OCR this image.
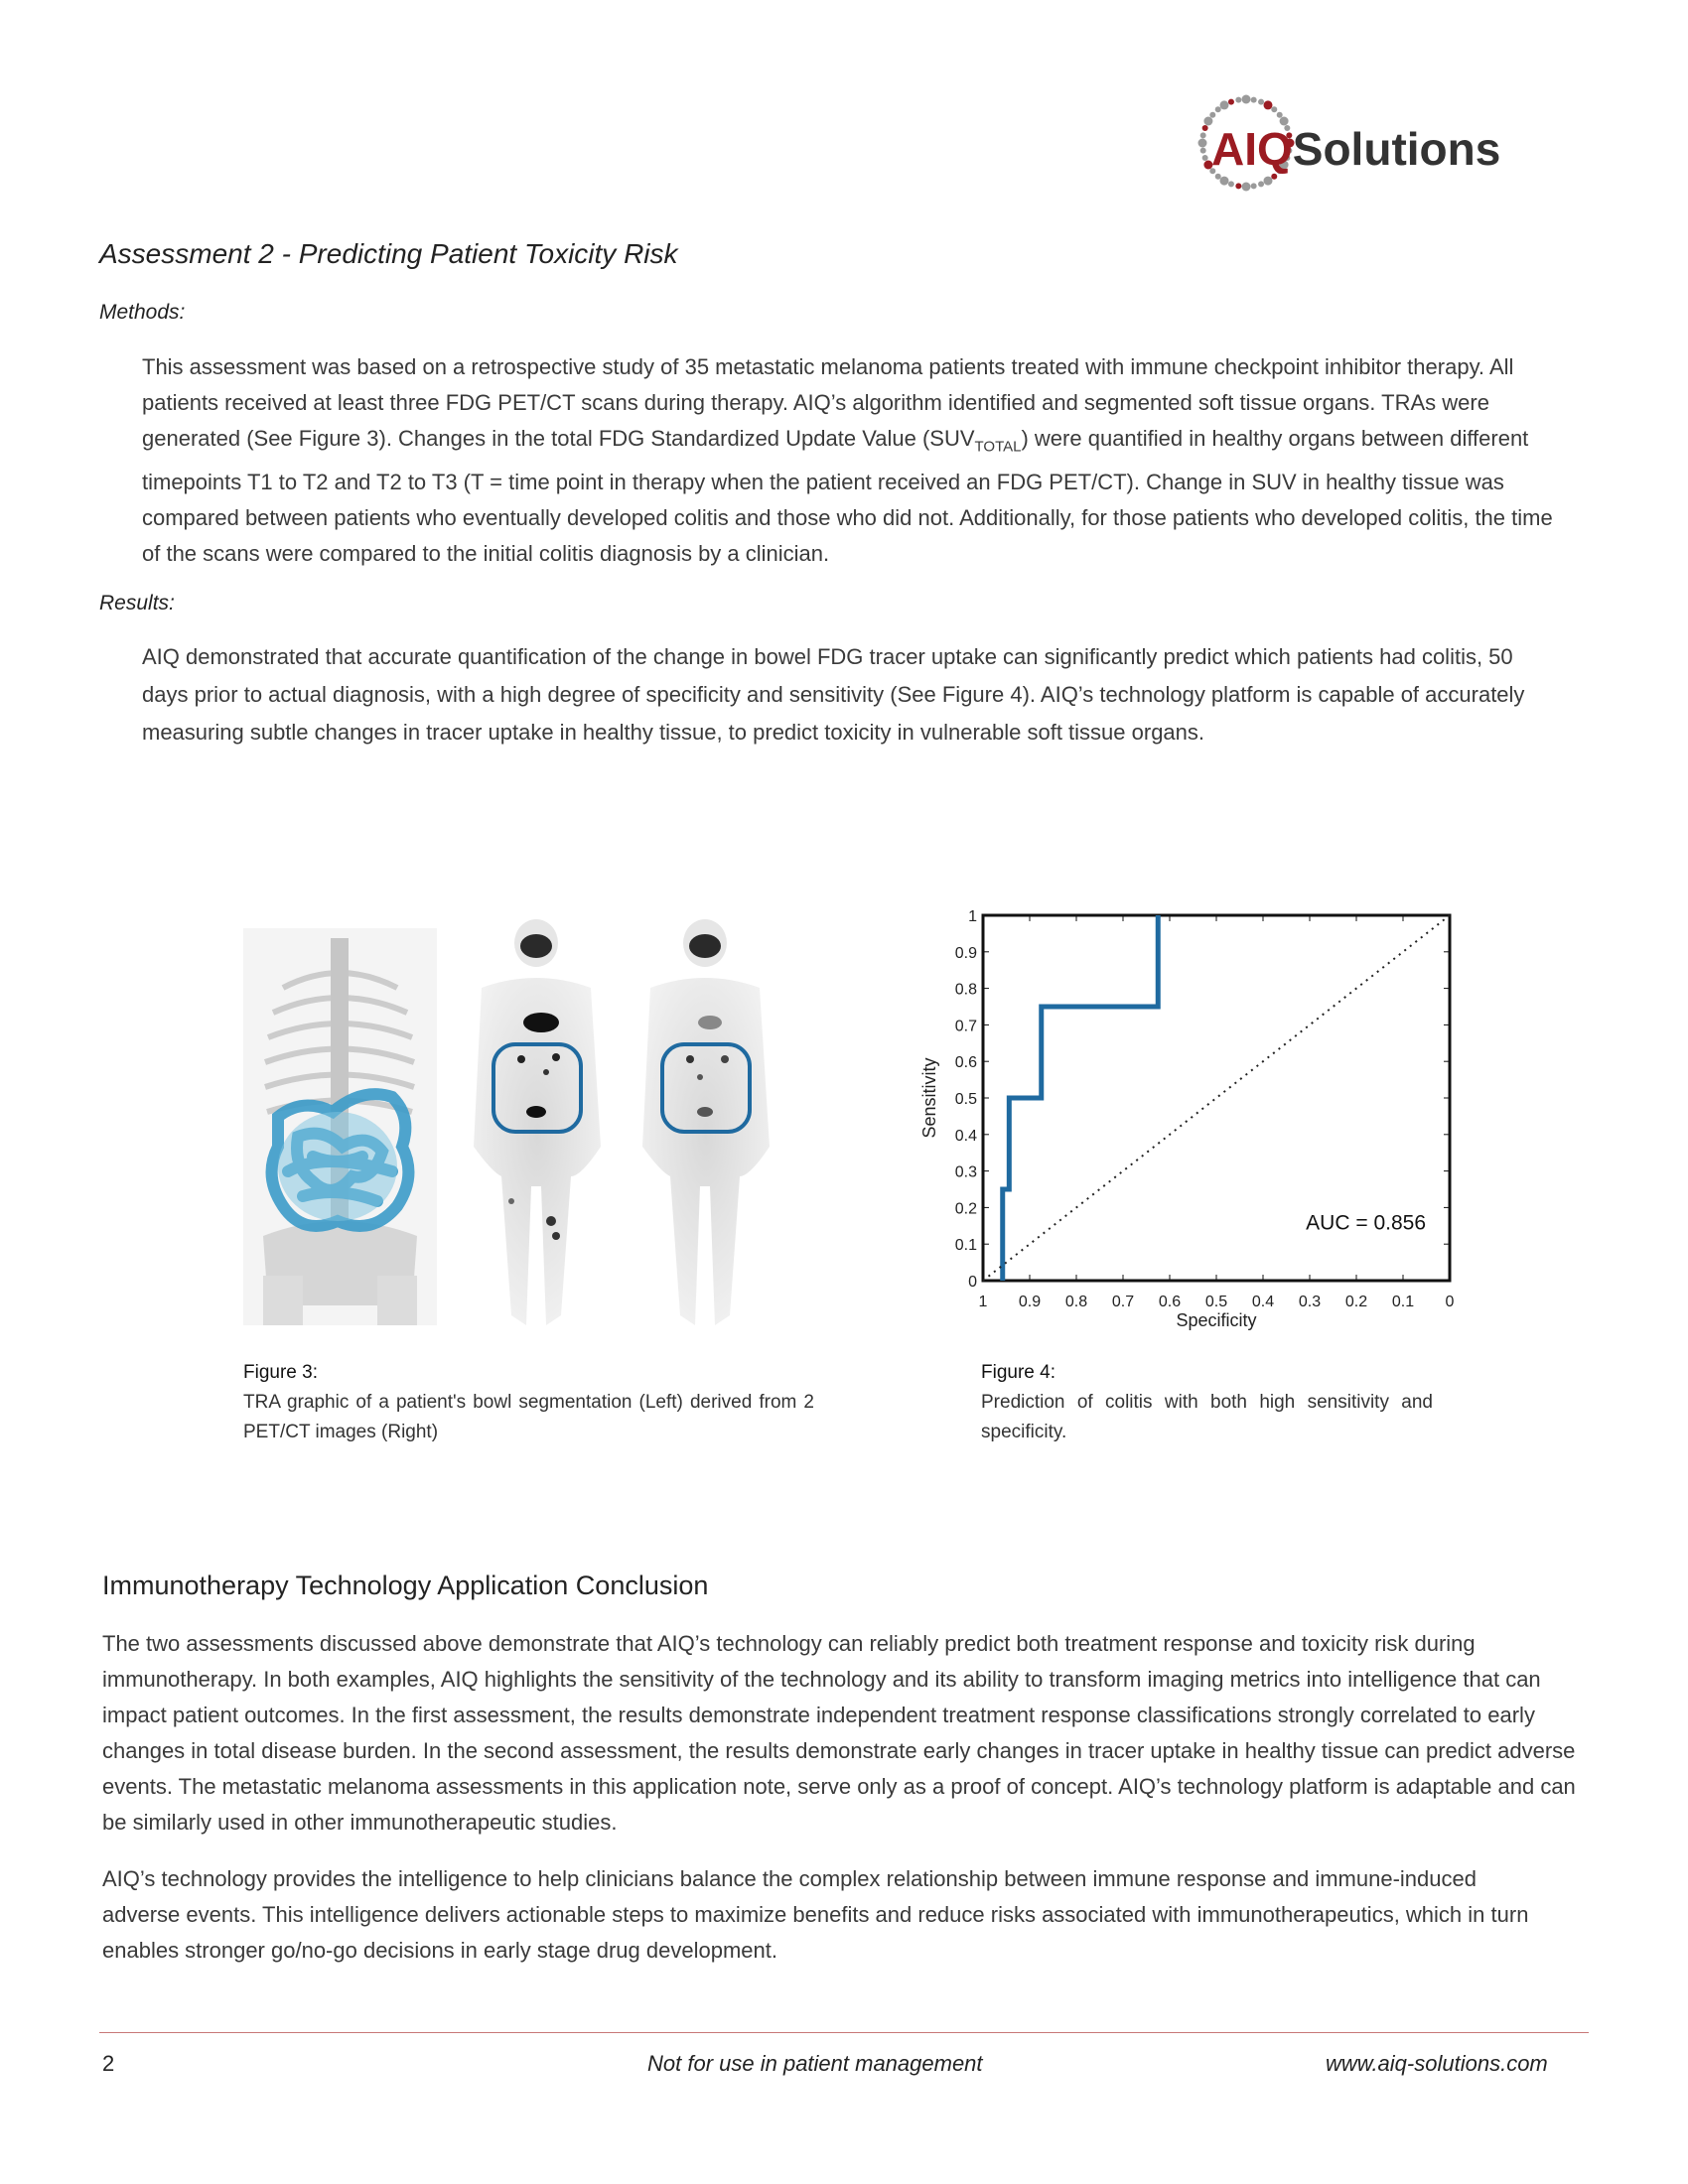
AIQSolutions
Assessment 2 - Predicting Patient Toxicity Risk
Methods:

This assessment was based on a retrospective study of 35 metastatic melanoma patients treated with immune checkpoint inhibitor therapy. All patients received at least three FDG PET/CT scans during therapy. AIQ’s algorithm identified and segmented soft tissue organs. TRAs were generated (See Figure 3). Changes in the total FDG Standardized Update Value $(SUV_{TOTAL})$ were quantified in healthy organs between different timepoints T1 to T2 and T2 to T3 (T = time point in therapy when the patient received an FDG PET/CT). Change in SUV in healthy tissue was compared between patients who eventually developed colitis and those who did not. Additionally, for those patients who developed colitis, the time of the scans were compared to the initial colitis diagnosis by a clinician.

Results:

AIQ demonstrated that accurate quantification of the change in bowel FDG tracer uptake can significantly predict which patients had colitis, 50 days prior to actual diagnosis, with a high degree of specificity and sensitivity (See Figure 4). AIQ’s technology platform is capable of accurately measuring subtle changes in tracer uptake in healthy tissue, to predict toxicity in vulnerable soft tissue organs.

Figure 3:
TRA graphic of a patient's bowl segmentation (Left) derived from 2 PET/CT images (Right)
1 0.9 0.8 0.7 0.6 0.5 0.4 0.3 0.2 0.1 0
0
0.1
0.2
0.3
0.4
0.5
0.6
0.7
0.8
0.9
1
Specificity
Sensitivity
AUC = 0.856
Figure 4:
Prediction of colitis with both high sensitivity and specificity.
Immunotherapy Technology Application Conclusion

The two assessments discussed above demonstrate that AIQ’s technology can reliably predict both treatment response and toxicity risk during immunotherapy. In both examples, AIQ highlights the sensitivity of the technology and its ability to transform imaging metrics into intelligence that can impact patient outcomes. In the first assessment, the results demonstrate independent treatment response classifications strongly correlated to early changes in total disease burden. In the second assessment, the results demonstrate early changes in tracer uptake in healthy tissue can predict adverse events. The metastatic melanoma assessments in this application note, serve only as a proof of concept. AIQ’s technology platform is adaptable and can be similarly used in other immunotherapeutic studies.

AIQ’s technology provides the intelligence to help clinicians balance the complex relationship between immune response and immune-induced adverse events. This intelligence delivers actionable steps to maximize benefits and reduce risks associated with immunotherapeutics, which in turn enables stronger go/no-go decisions in early stage drug development.

2	Not for use in patient management	www.aiq-solutions.com
